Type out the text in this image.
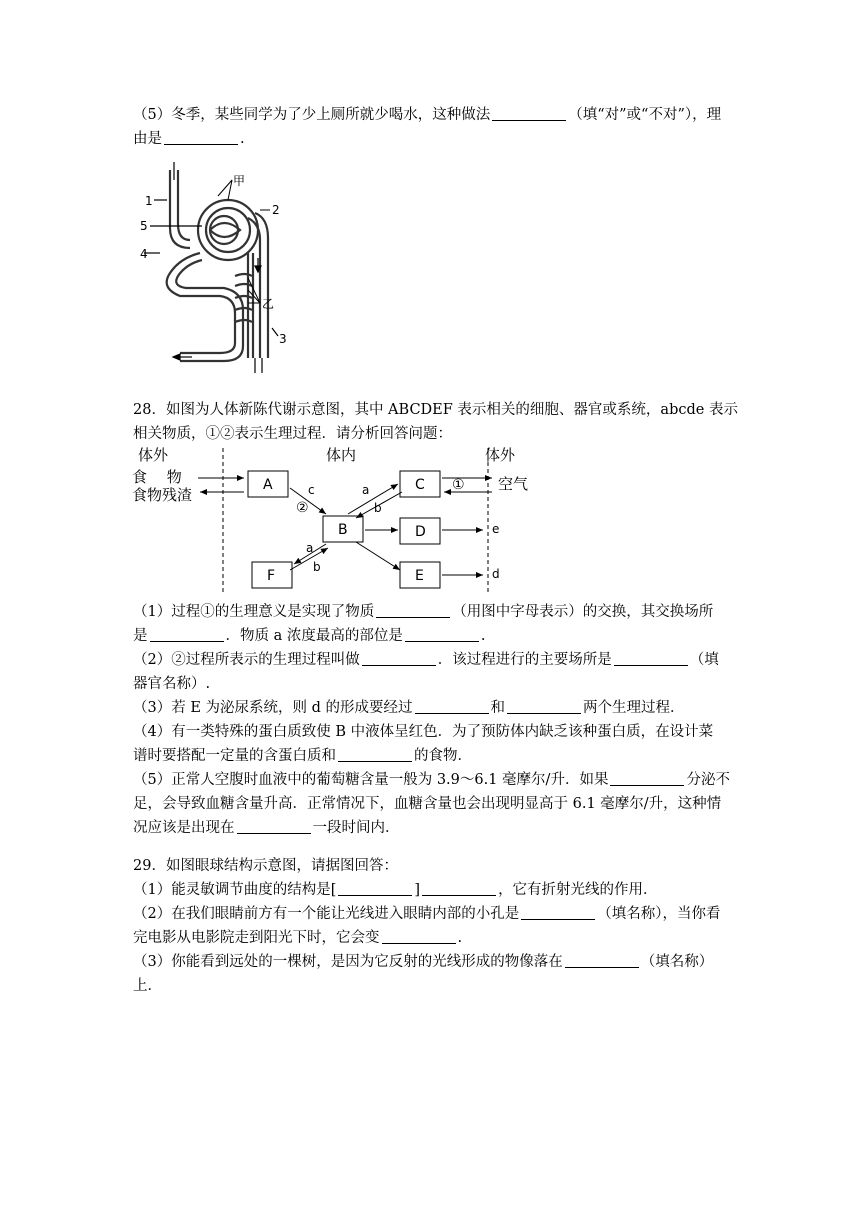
（5）冬季，某些同学为了少上厕所就少喝水，这种做法	（填“对”或“不对”），理
由是	.
甲
乙
1
2
3
4
5
28．如图为人体新陈代谢示意图，其中 ABCDEF 表示相关的细胞、器官或系统，abcde 表示
相关物质，①②表示生理过程．请分析回答问题：
体外	体内	体外
食　 物
食物残渣
A
B
C
D
E
F
c
②
a
b
① 空气
e
d
a
b
（1）过程①的生理意义是实现了物质	（用图中字母表示）的交换，其交换场所
是	．物质 a 浓度最高的部位是	.
（2）②过程所表示的生理过程叫做	．该过程进行的主要场所是	（填
器官名称）.
（3）若 E 为泌尿系统，则 d 的形成要经过	和	两个生理过程．
（4）有一类特殊的蛋白质致使 B 中液体呈红色．为了预防体内缺乏该种蛋白质，在设计菜
谱时要搭配一定量的含蛋白质和	的食物．
（5）正常人空腹时血液中的葡萄糖含量一般为 3.9～6.1 毫摩尔/升．如果	分泌不
足，会导致血糖含量升高．正常情况下，血糖含量也会出现明显高于 6.1 毫摩尔/升，这种情
况应该是出现在	一段时间内．
29．如图眼球结构示意图，请据图回答：
（1）能灵敏调节曲度的结构是[	]	，它有折射光线的作用．
（2）在我们眼睛前方有一个能让光线进入眼睛内部的小孔是	（填名称），当你看
完电影从电影院走到阳光下时，它会变	.
（3）你能看到远处的一棵树，是因为它反射的光线形成的物像落在	（填名称）
上．
